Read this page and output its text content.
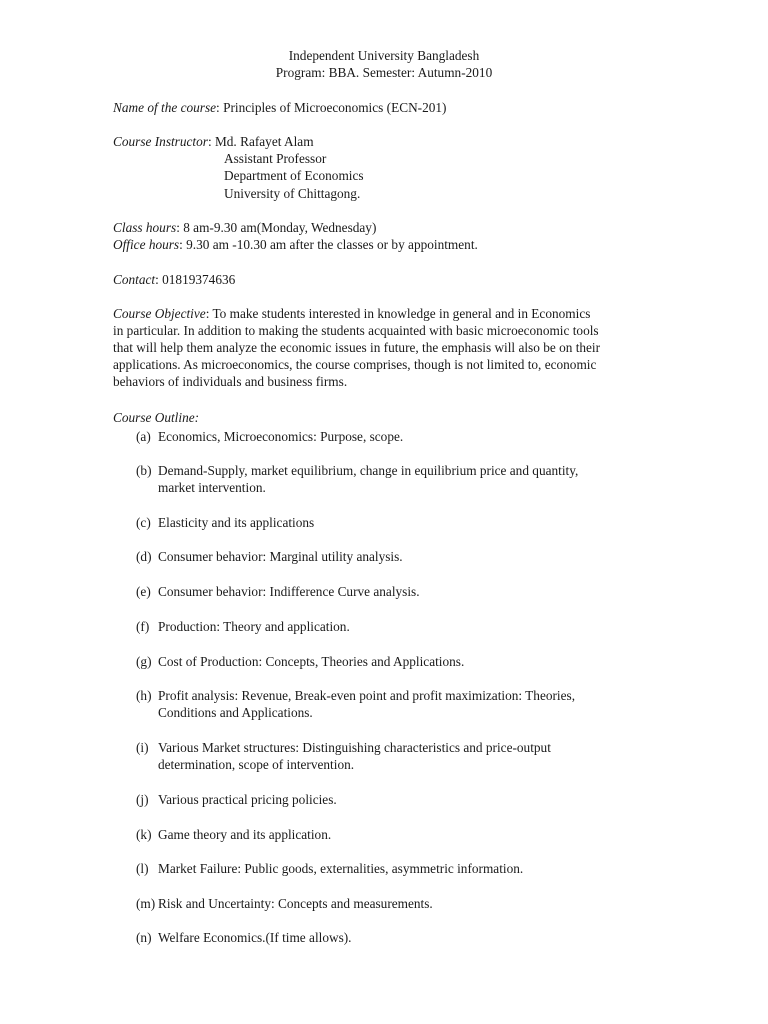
Independent University Bangladesh
Program: BBA. Semester: Autumn-2010
Name of the course: Principles of Microeconomics (ECN-201)
Course Instructor: Md. Rafayet Alam
Assistant Professor
Department of Economics
University of Chittagong.
Class hours: 8 am-9.30 am(Monday, Wednesday)
Office hours: 9.30 am -10.30 am after the classes or by appointment.
Contact: 01819374636
Course Objective: To make students interested in knowledge in general and in Economics
in particular. In addition to making the students acquainted with basic microeconomic tools
that will help them analyze the economic issues in future, the emphasis will also be on their
applications. As microeconomics, the course comprises, though is not limited to, economic
behaviors of individuals and business firms.
Course Outline:
(a) Economics, Microeconomics: Purpose, scope.
(b) Demand-Supply, market equilibrium, change in equilibrium price and quantity,
market intervention.
(c) Elasticity and its applications
(d) Consumer behavior: Marginal utility analysis.
(e) Consumer behavior: Indifference Curve analysis.
(f) Production: Theory and application.
(g) Cost of Production: Concepts, Theories and Applications.
(h) Profit analysis: Revenue, Break-even point and profit maximization: Theories,
Conditions and Applications.
(i) Various Market structures: Distinguishing characteristics and price-output
determination, scope of intervention.
(j) Various practical pricing policies.
(k) Game theory and its application.
(l) Market Failure: Public goods, externalities, asymmetric information.
(m) Risk and Uncertainty: Concepts and measurements.
(n) Welfare Economics.(If time allows).
